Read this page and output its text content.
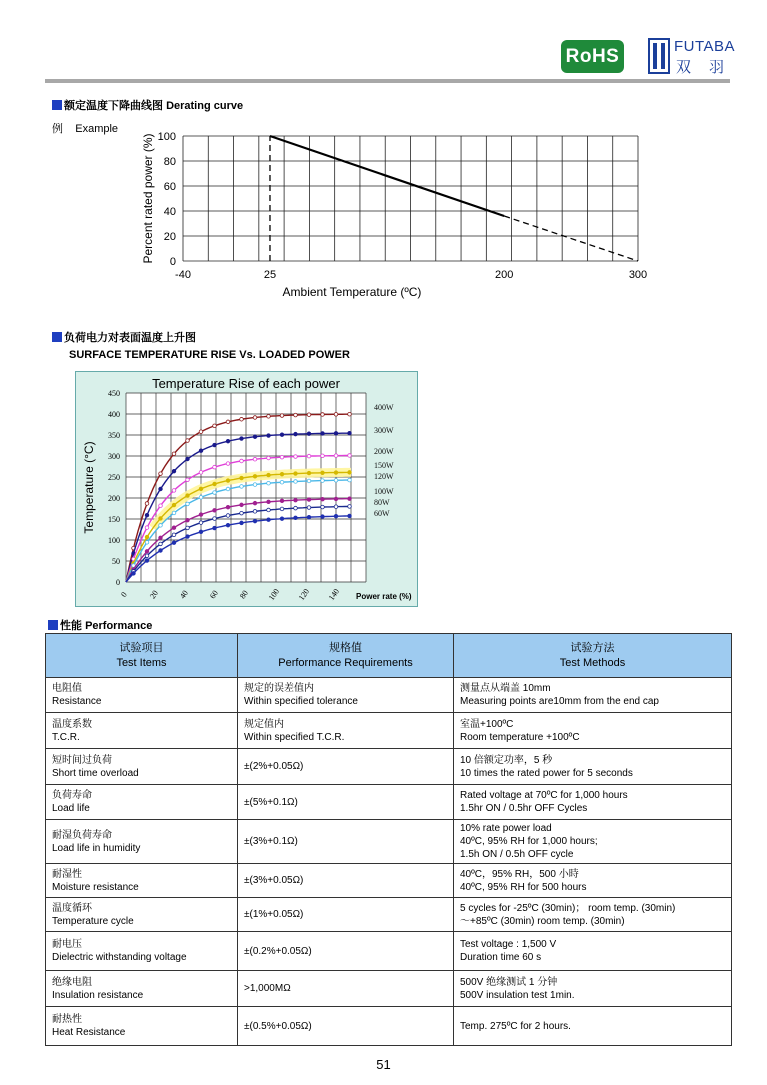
RoHS	FUTABA
双羽
额定温度下降曲线图 Derating curve
例 Example
0
20
40
60
80
100
-40	25	200	300
Ambient Temperature (ºC)
Percent rated power (%)
负荷电力对表面温度上升图
SURFACE TEMPERATURE RISE Vs. LOADED POWER
Temperature Rise of each power
0
50
100
150
200
250
300
350
400
450
0 20 40 60 80 100 120 140 Power rate (%)
Temperature (°C)
400W
300W
200W
150W
120W
100W
80W
60W
性能 Performance
试验项目
Test Items	规格值
Performance Requirements	试验方法
Test Methods

电阻值
Resistance	规定的误差值内
Within specified tolerance	测量点从端盖 10mm
Measuring points are10mm from the end cap

温度系数
T.C.R.	规定值内
Within specified T.C.R.	室温+100ºC
Room temperature +100ºC

短时间过负荷
Short time overload	±(2%+0.05Ω)	10 倍额定功率，5 秒
10 times the rated power for 5 seconds

负荷寿命
Load life	±(5%+0.1Ω)	Rated voltage at 70ºC for 1,000 hours
1.5hr ON / 0.5hr OFF Cycles

耐湿负荷寿命
Load life in humidity	±(3%+0.1Ω)	10% rate power load
40ºC, 95% RH for 1,000 hours;
1.5h ON / 0.5h OFF cycle

耐湿性
Moisture resistance	±(3%+0.05Ω)	40ºC，95% RH，500 小時
40ºC, 95% RH for 500 hours

温度循环
Temperature cycle	±(1%+0.05Ω)	5 cycles for -25ºC (30min)； room temp. (30min)
～+85ºC (30min) room temp. (30min)

耐电压
Dielectric withstanding voltage	±(0.2%+0.05Ω)	Test voltage : 1,500 V
Duration time 60 s

绝缘电阻
Insulation resistance	>1,000MΩ	500V 绝缘测试 1 分钟
500V insulation test 1min.

耐热性
Heat Resistance	±(0.5%+0.05Ω)	Temp. 275ºC for 2 hours.
51
